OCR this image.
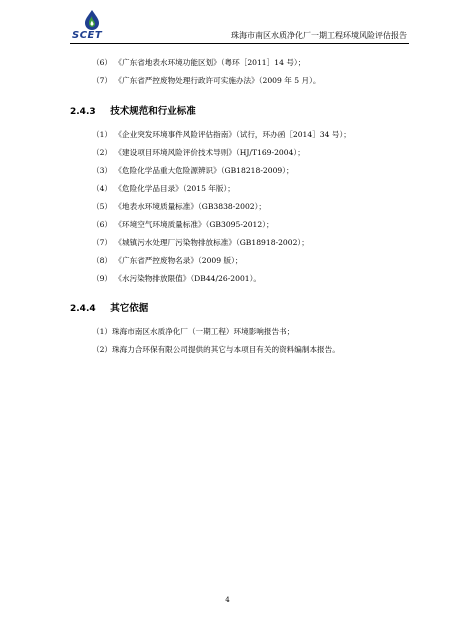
SCET	珠海市南区水质净化厂一期工程环境风险评估报告
（6） 《广东省地表水环境功能区划》（粤环［2011］14 号）；
（7） 《广东省严控废物处理行政许可实施办法》（2009 年 5 月）。
2.4.3 技术规范和行业标准
（1） 《企业突发环境事件风险评估指南》（试行，环办函［2014］34 号）；
（2） 《建设项目环境风险评价技术导则》（HJ/T169-2004）；
（3） 《危险化学品重大危险源辨识》（GB18218-2009）；
（4） 《危险化学品目录》（2015 年版）；
（5） 《地表水环境质量标准》（GB3838-2002）；
（6） 《环境空气环境质量标准》（GB3095-2012）；
（7） 《城镇污水处理厂污染物排放标准》（GB18918-2002）；
（8） 《广东省严控废物名录》（2009 版）；
（9） 《水污染物排放限值》（DB44/26-2001）。
2.4.4 其它依据
（1）珠海市南区水质净化厂（一期工程）环境影响报告书；
（2）珠海力合环保有限公司提供的其它与本项目有关的资料编制本报告。
4
